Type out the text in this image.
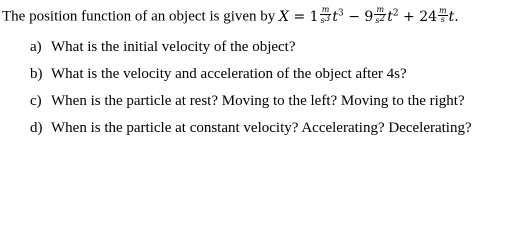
The position function of an object is given by $X = 1 \frac{m}{s^3} t^3 - 9 \frac{m}{s^2} t^2 + 24 \frac{m}{s} t$.
a) What is the initial velocity of the object?
b) What is the velocity and acceleration of the object after 4s?
c) When is the particle at rest? Moving to the left? Moving to the right?
d) When is the particle at constant velocity? Accelerating? Decelerating?
